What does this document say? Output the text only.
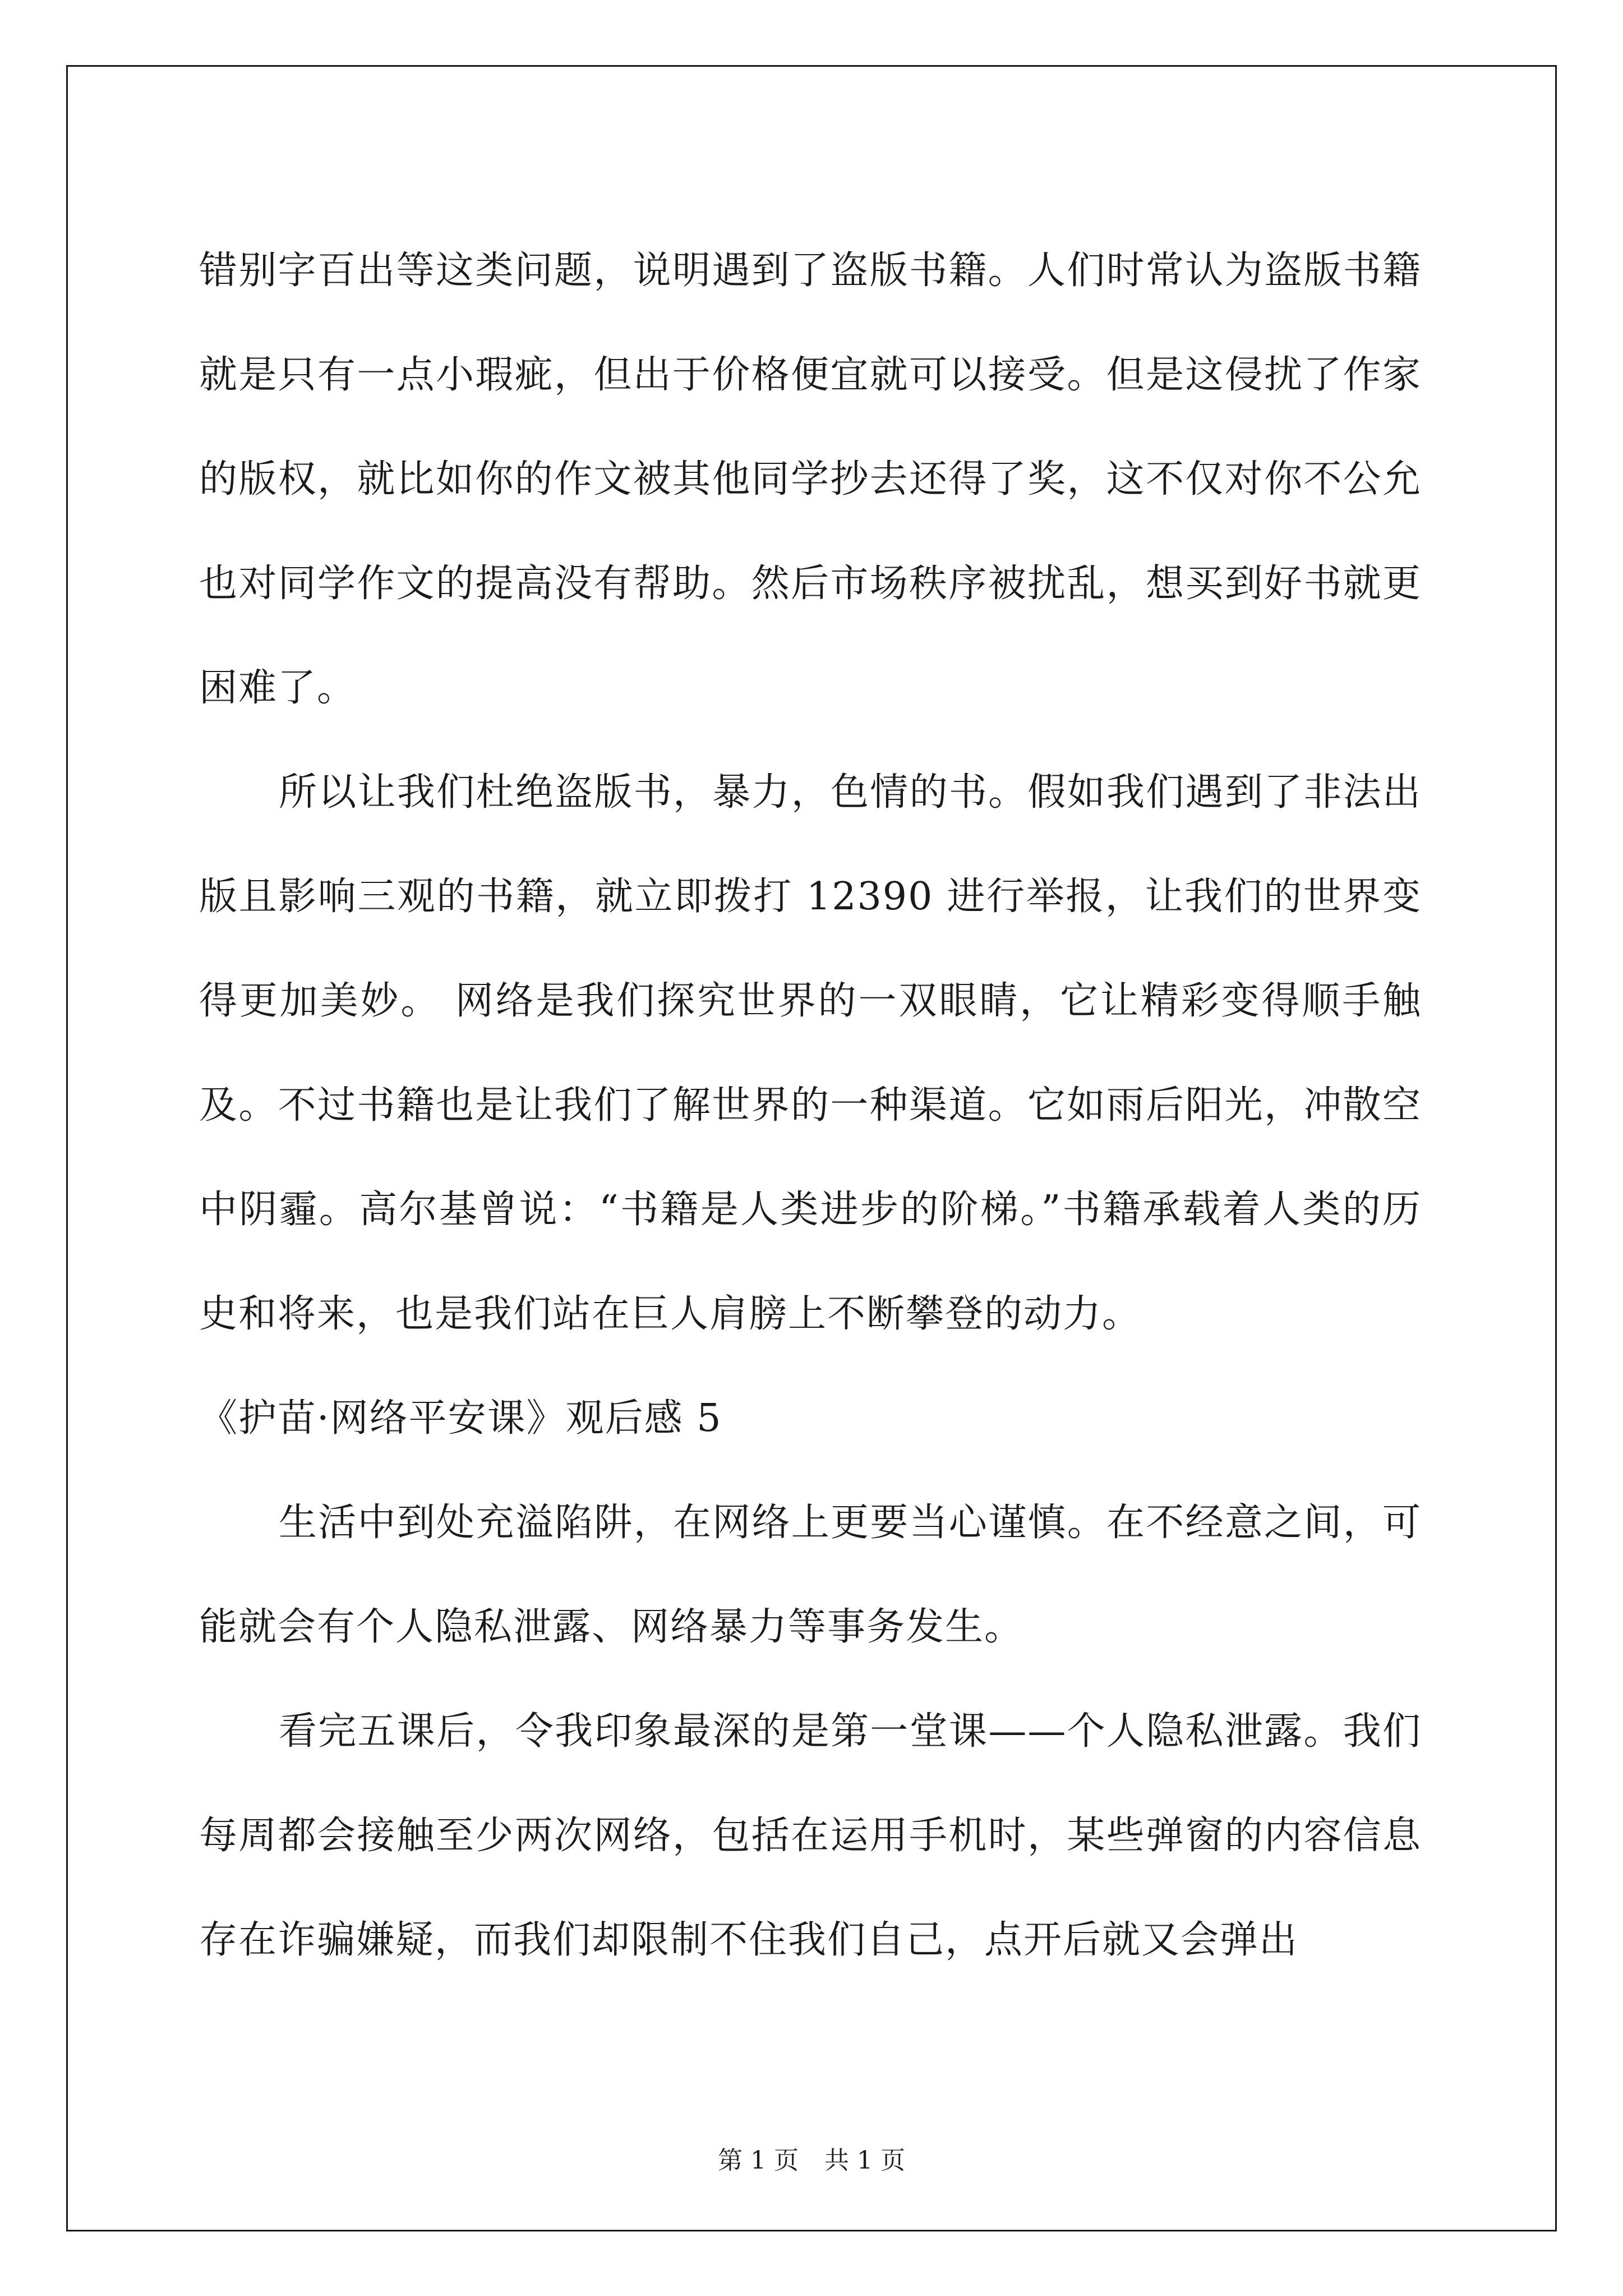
错别字百出等这类问题，说明遇到了盗版书籍。人们时常认为盗版书籍就是只有一点小瑕疵，但出于价格便宜就可以接受。但是这侵扰了作家的版权，就比如你的作文被其他同学抄去还得了奖，这不仅对你不公允也对同学作文的提高没有帮助。然后市场秩序被扰乱，想买到好书就更困难了。

所以让我们杜绝盗版书，暴力，色情的书。假如我们遇到了非法出版且影响三观的书籍，就立即拨打 12390 进行举报，让我们的世界变得更加美妙。 网络是我们探究世界的一双眼睛，它让精彩变得顺手触及。不过书籍也是让我们了解世界的一种渠道。它如雨后阳光，冲散空中阴霾。高尔基曾说：“书籍是人类进步的阶梯。”书籍承载着人类的历史和将来，也是我们站在巨人肩膀上不断攀登的动力。

《护苗·网络平安课》观后感 5

生活中到处充溢陷阱，在网络上更要当心谨慎。在不经意之间，可能就会有个人隐私泄露、网络暴力等事务发生。

看完五课后，令我印象最深的是第一堂课——个人隐私泄露。我们每周都会接触至少两次网络，包括在运用手机时，某些弹窗的内容信息存在诈骗嫌疑，而我们却限制不住我们自己，点开后就又会弹出

第 1 页 共 1 页
